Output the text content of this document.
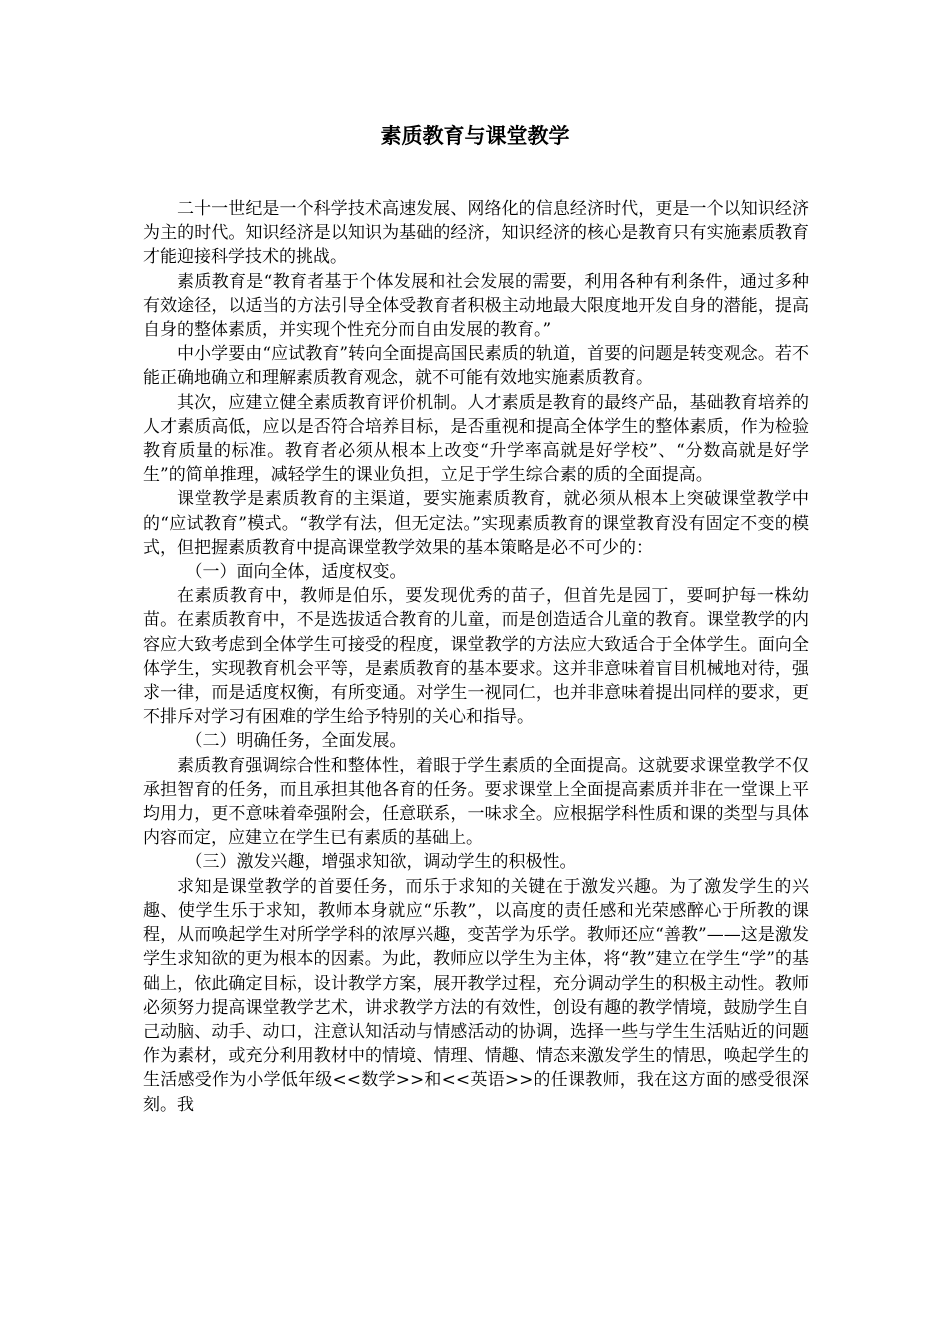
素质教育与课堂教学

二十一世纪是一个科学技术高速发展、网络化的信息经济时代，更是一个以知识经济为主的时代。知识经济是以知识为基础的经济，知识经济的核心是教育只有实施素质教育才能迎接科学技术的挑战。

素质教育是“教育者基于个体发展和社会发展的需要，利用各种有利条件，通过多种有效途径，以适当的方法引导全体受教育者积极主动地最大限度地开发自身的潜能，提高自身的整体素质，并实现个性充分而自由发展的教育。”

中小学要由“应试教育”转向全面提高国民素质的轨道，首要的问题是转变观念。若不能正确地确立和理解素质教育观念，就不可能有效地实施素质教育。

其次，应建立健全素质教育评价机制。人才素质是教育的最终产品，基础教育培养的人才素质高低，应以是否符合培养目标，是否重视和提高全体学生的整体素质，作为检验教育质量的标准。教育者必须从根本上改变“升学率高就是好学校”、“分数高就是好学生”的简单推理，减轻学生的课业负担，立足于学生综合素的质的全面提高。

课堂教学是素质教育的主渠道，要实施素质教育，就必须从根本上突破课堂教学中的“应试教育”模式。“教学有法，但无定法。”实现素质教育的课堂教育没有固定不变的模式，但把握素质教育中提高课堂教学效果的基本策略是必不可少的：

（一）面向全体，适度权变。

在素质教育中，教师是伯乐，要发现优秀的苗子，但首先是园丁，要呵护每一株幼苗。在素质教育中，不是选拔适合教育的儿童，而是创造适合儿童的教育。课堂教学的内容应大致考虑到全体学生可接受的程度，课堂教学的方法应大致适合于全体学生。面向全体学生，实现教育机会平等，是素质教育的基本要求。这并非意味着盲目机械地对待，强求一律，而是适度权衡，有所变通。对学生一视同仁，也并非意味着提出同样的要求，更不排斥对学习有困难的学生给予特别的关心和指导。

（二）明确任务，全面发展。

素质教育强调综合性和整体性，着眼于学生素质的全面提高。这就要求课堂教学不仅承担智育的任务，而且承担其他各育的任务。要求课堂上全面提高素质并非在一堂课上平均用力，更不意味着牵强附会，任意联系，一味求全。应根据学科性质和课的类型与具体内容而定，应建立在学生已有素质的基础上。

（三）激发兴趣，增强求知欲，调动学生的积极性。

求知是课堂教学的首要任务，而乐于求知的关键在于激发兴趣。为了激发学生的兴趣、使学生乐于求知，教师本身就应“乐教”，以高度的责任感和光荣感醉心于所教的课程，从而唤起学生对所学学科的浓厚兴趣，变苦学为乐学。教师还应“善教”——这是激发学生求知欲的更为根本的因素。为此，教师应以学生为主体，将“教”建立在学生“学”的基础上，依此确定目标，设计教学方案，展开教学过程，充分调动学生的积极主动性。教师必须努力提高课堂教学艺术，讲求教学方法的有效性，创设有趣的教学情境，鼓励学生自己动脑、动手、动口，注意认知活动与情感活动的协调，选择一些与学生生活贴近的问题作为素材，或充分利用教材中的情境、情理、情趣、情态来激发学生的情思，唤起学生的生活感受作为小学低年级<<数学>>和<<英语>>的任课教师，我在这方面的感受很深刻。我
